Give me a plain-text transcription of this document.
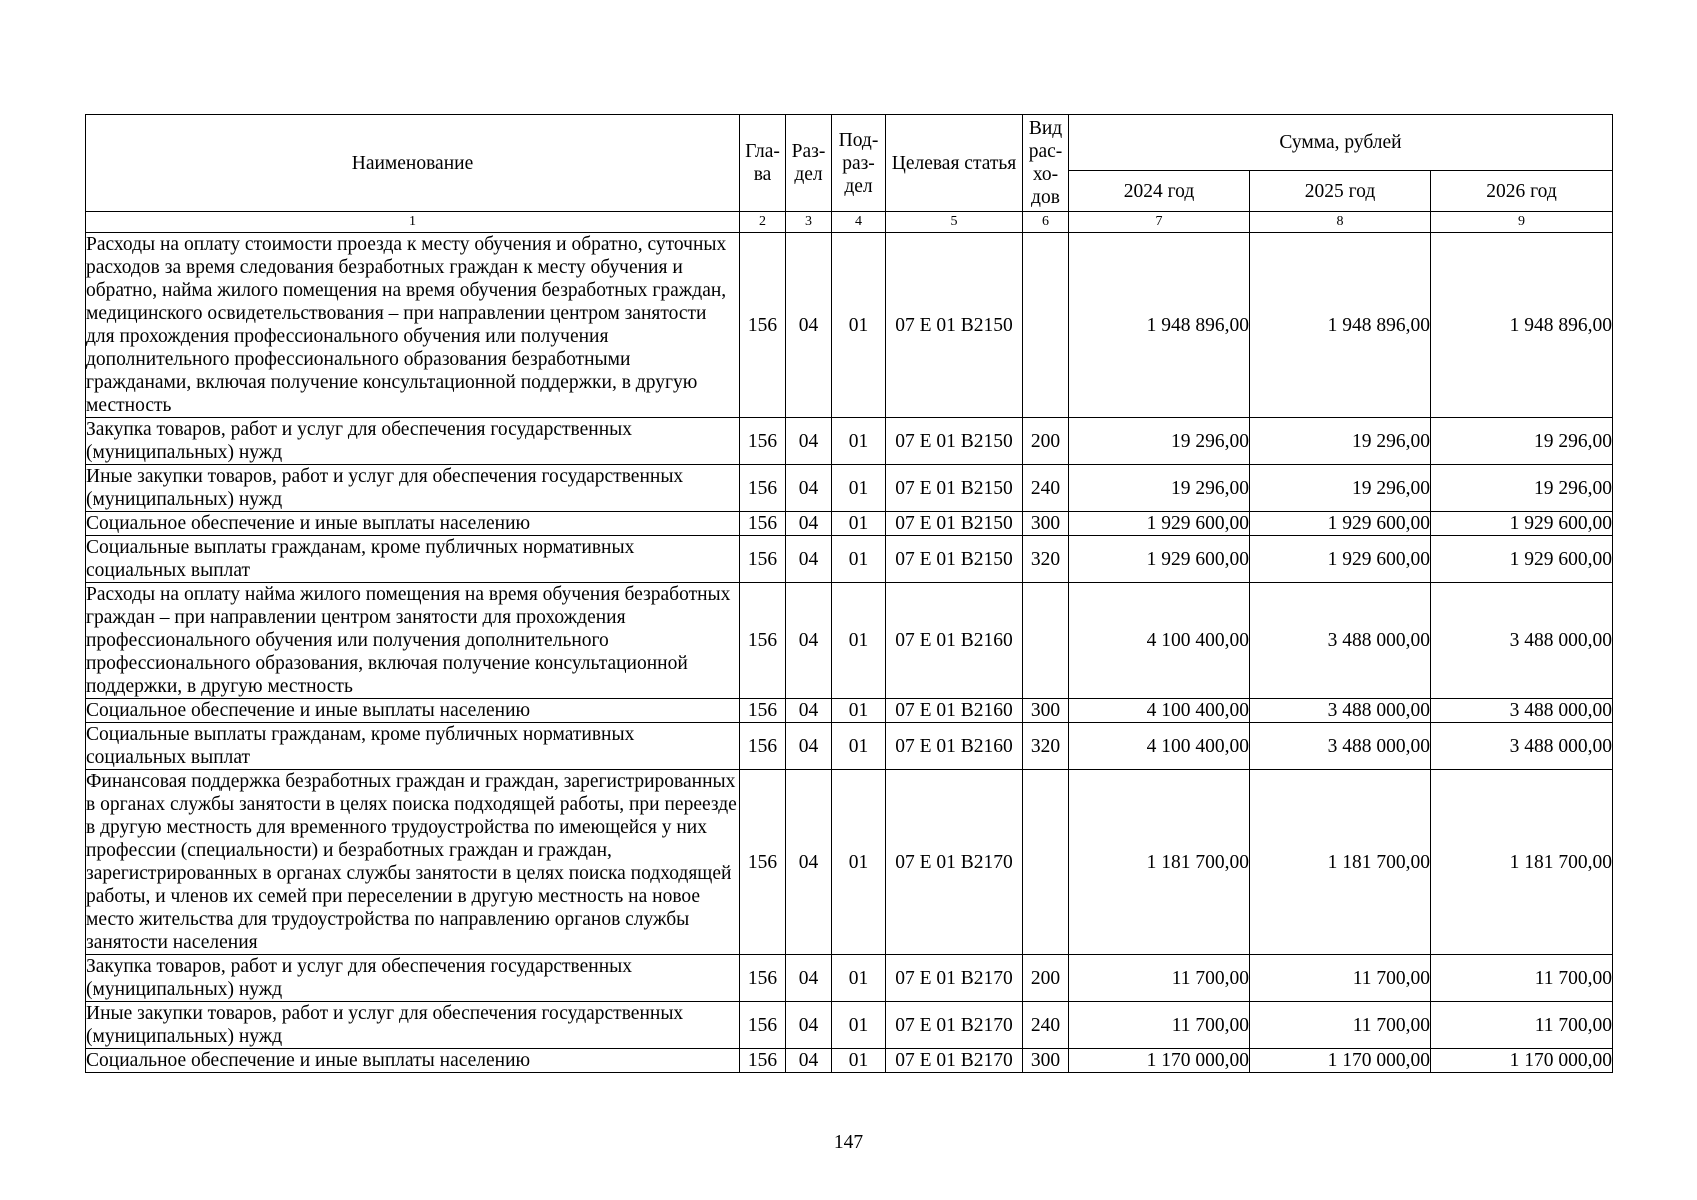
Наименование	Гла-ва	Раз-дел	Под-раз-дел	Целевая статья	Вид рас-хо-дов	Сумма, рублей		
						2024 год	2025 год	2026 год
1	2	3	4	5	6	7	8	9
Расходы на оплату стоимости проезда к месту обучения и обратно, суточных расходов за время следования безработных граждан к месту обучения и обратно, найма жилого помещения на время обучения безработных граждан, медицинского освидетельствования – при направлении центром занятости для прохождения профессионального обучения или получения дополнительного профессионального образования безработными гражданами, включая получение консультационной поддержки, в другую местность	156	04	01	07 Е 01 В2150		1 948 896,00	1 948 896,00	1 948 896,00
Закупка товаров, работ и услуг для обеспечения государственных (муниципальных) нужд	156	04	01	07 Е 01 В2150	200	19 296,00	19 296,00	19 296,00
Иные закупки товаров, работ и услуг для обеспечения государственных (муниципальных) нужд	156	04	01	07 Е 01 В2150	240	19 296,00	19 296,00	19 296,00
Социальное обеспечение и иные выплаты населению	156	04	01	07 Е 01 В2150	300	1 929 600,00	1 929 600,00	1 929 600,00
Социальные выплаты гражданам, кроме публичных нормативных социальных выплат	156	04	01	07 Е 01 В2150	320	1 929 600,00	1 929 600,00	1 929 600,00
Расходы на оплату найма жилого помещения на время обучения безработных граждан – при направлении центром занятости для прохождения профессионального обучения или получения дополнительного профессионального образования, включая получение консультационной поддержки, в другую местность	156	04	01	07 Е 01 В2160		4 100 400,00	3 488 000,00	3 488 000,00
Социальное обеспечение и иные выплаты населению	156	04	01	07 Е 01 В2160	300	4 100 400,00	3 488 000,00	3 488 000,00
Социальные выплаты гражданам, кроме публичных нормативных социальных выплат	156	04	01	07 Е 01 В2160	320	4 100 400,00	3 488 000,00	3 488 000,00
Финансовая поддержка безработных граждан и граждан, зарегистрированных в органах службы занятости в целях поиска подходящей работы, при переезде в другую местность для временного трудоустройства по имеющейся у них профессии (специальности) и безработных граждан и граждан, зарегистрированных в органах службы занятости в целях поиска подходящей работы, и членов их семей при переселении в другую местность на новое место жительства для трудоустройства по направлению органов службы занятости населения	156	04	01	07 Е 01 В2170		1 181 700,00	1 181 700,00	1 181 700,00
Закупка товаров, работ и услуг для обеспечения государственных (муниципальных) нужд	156	04	01	07 Е 01 В2170	200	11 700,00	11 700,00	11 700,00
Иные закупки товаров, работ и услуг для обеспечения государственных (муниципальных) нужд	156	04	01	07 Е 01 В2170	240	11 700,00	11 700,00	11 700,00
Социальное обеспечение и иные выплаты населению	156	04	01	07 Е 01 В2170	300	1 170 000,00	1 170 000,00	1 170 000,00
147
